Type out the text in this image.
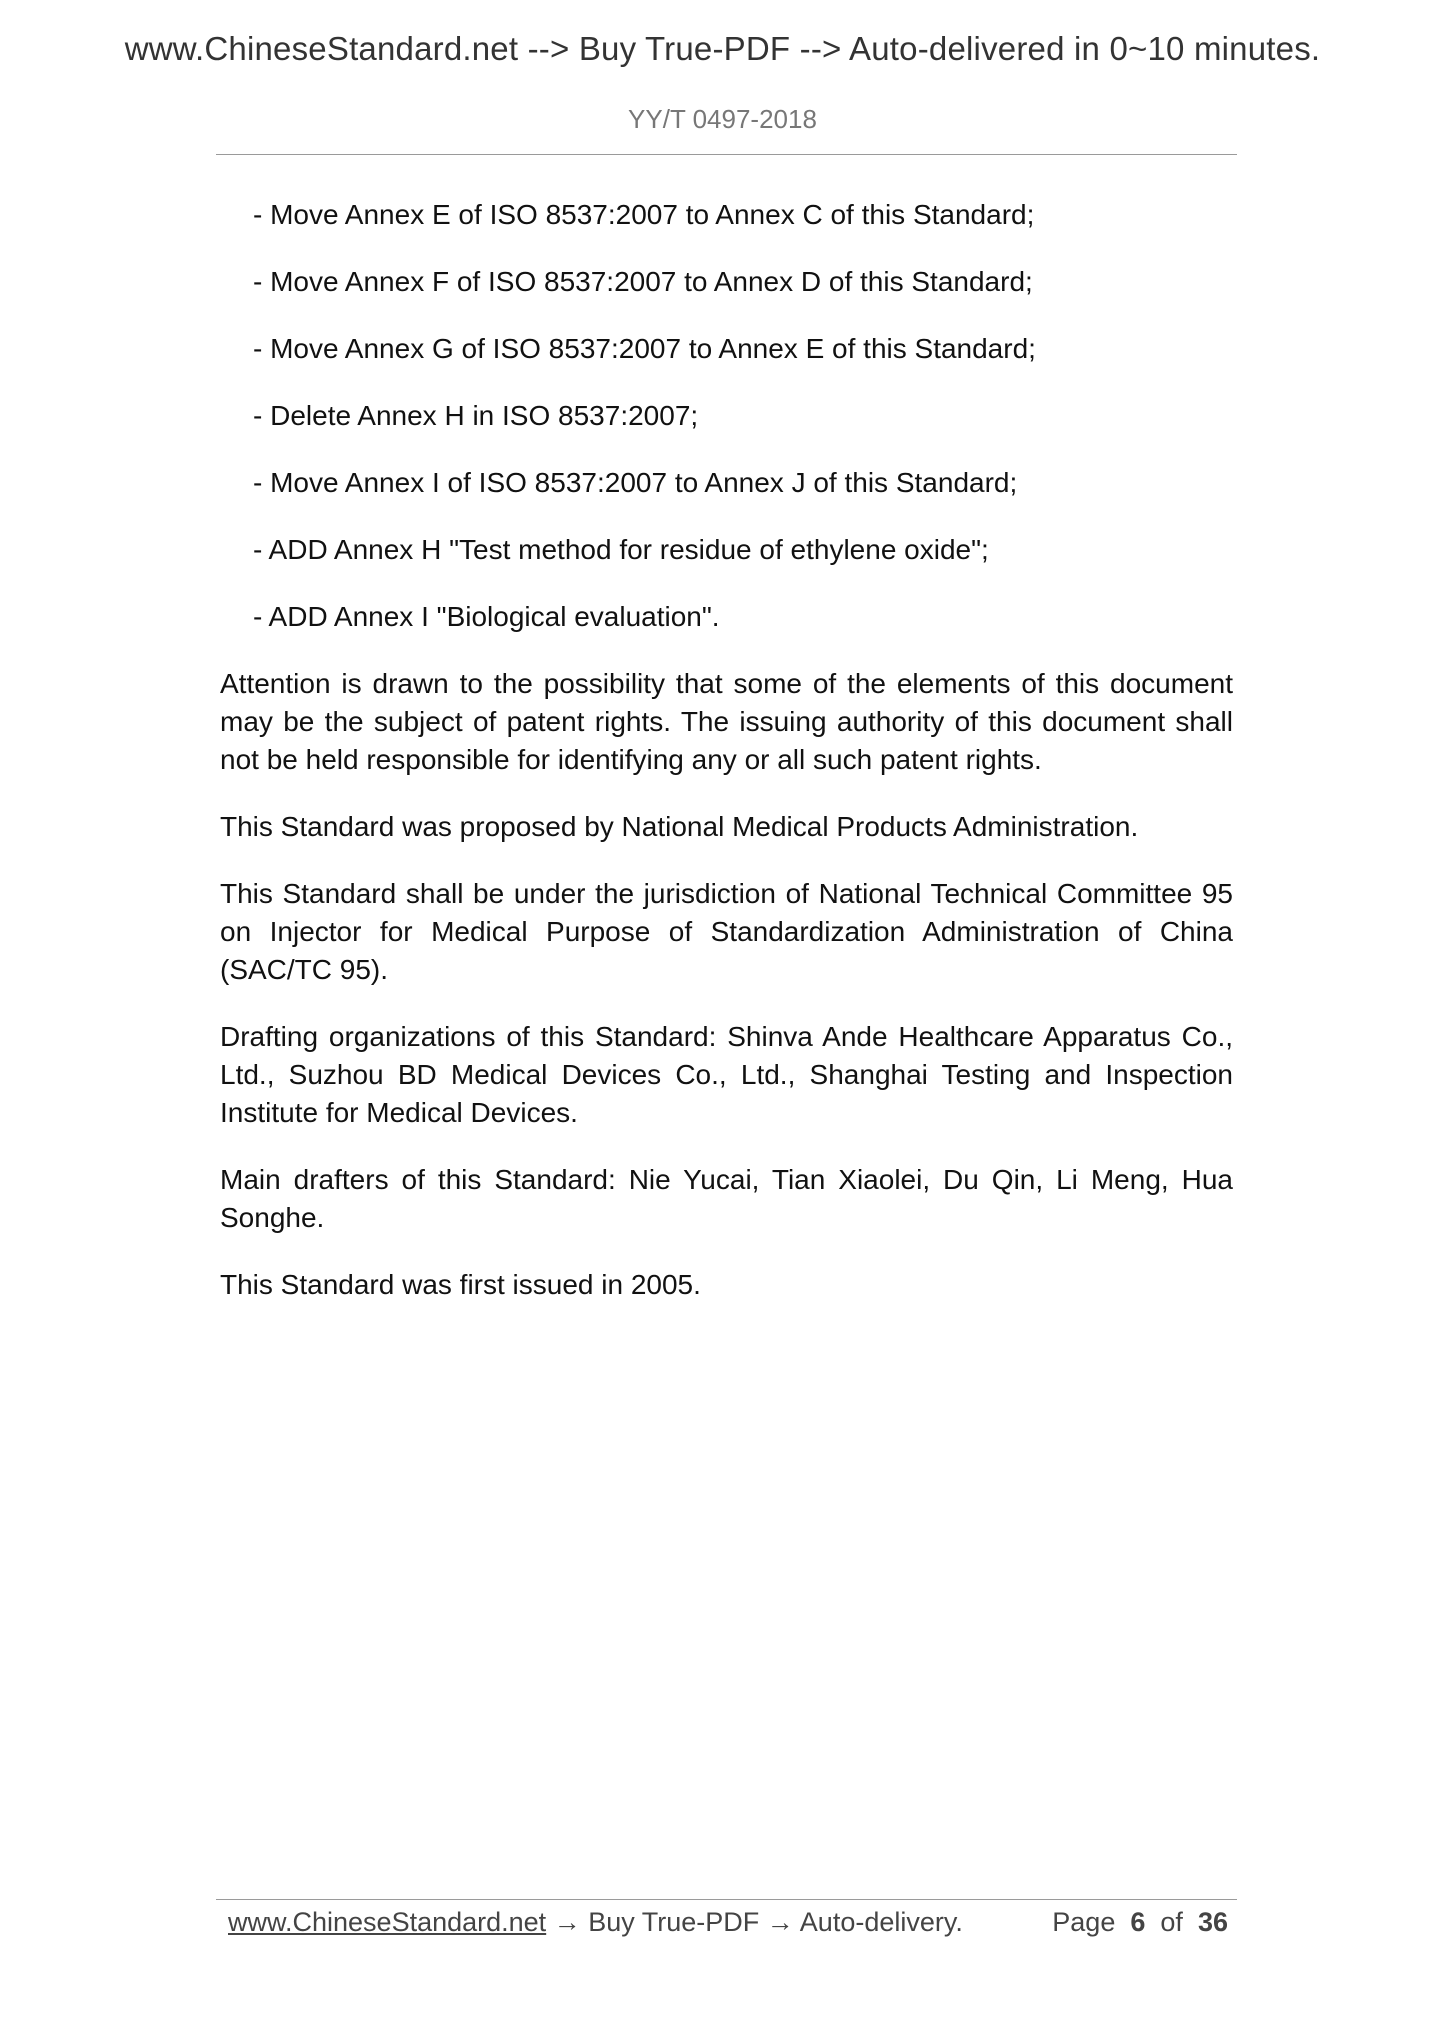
www.ChineseStandard.net --> Buy True-PDF --> Auto-delivered in 0~10 minutes.
YY/T 0497-2018
- Move Annex E of ISO 8537:2007 to Annex C of this Standard;
- Move Annex F of ISO 8537:2007 to Annex D of this Standard;
- Move Annex G of ISO 8537:2007 to Annex E of this Standard;
- Delete Annex H in ISO 8537:2007;
- Move Annex I of ISO 8537:2007 to Annex J of this Standard;
- ADD Annex H "Test method for residue of ethylene oxide";
- ADD Annex I "Biological evaluation".

Attention is drawn to the possibility that some of the elements of this document may be the subject of patent rights. The issuing authority of this document shall not be held responsible for identifying any or all such patent rights.

This Standard was proposed by National Medical Products Administration.

This Standard shall be under the jurisdiction of National Technical Committee 95 on Injector for Medical Purpose of Standardization Administration of China (SAC/TC 95).

Drafting organizations of this Standard: Shinva Ande Healthcare Apparatus Co., Ltd., Suzhou BD Medical Devices Co., Ltd., Shanghai Testing and Inspection Institute for Medical Devices.

Main drafters of this Standard: Nie Yucai, Tian Xiaolei, Du Qin, Li Meng, Hua Songhe.

This Standard was first issued in 2005.

www.ChineseStandard.net → Buy True-PDF → Auto-delivery.	Page 6 of 36
